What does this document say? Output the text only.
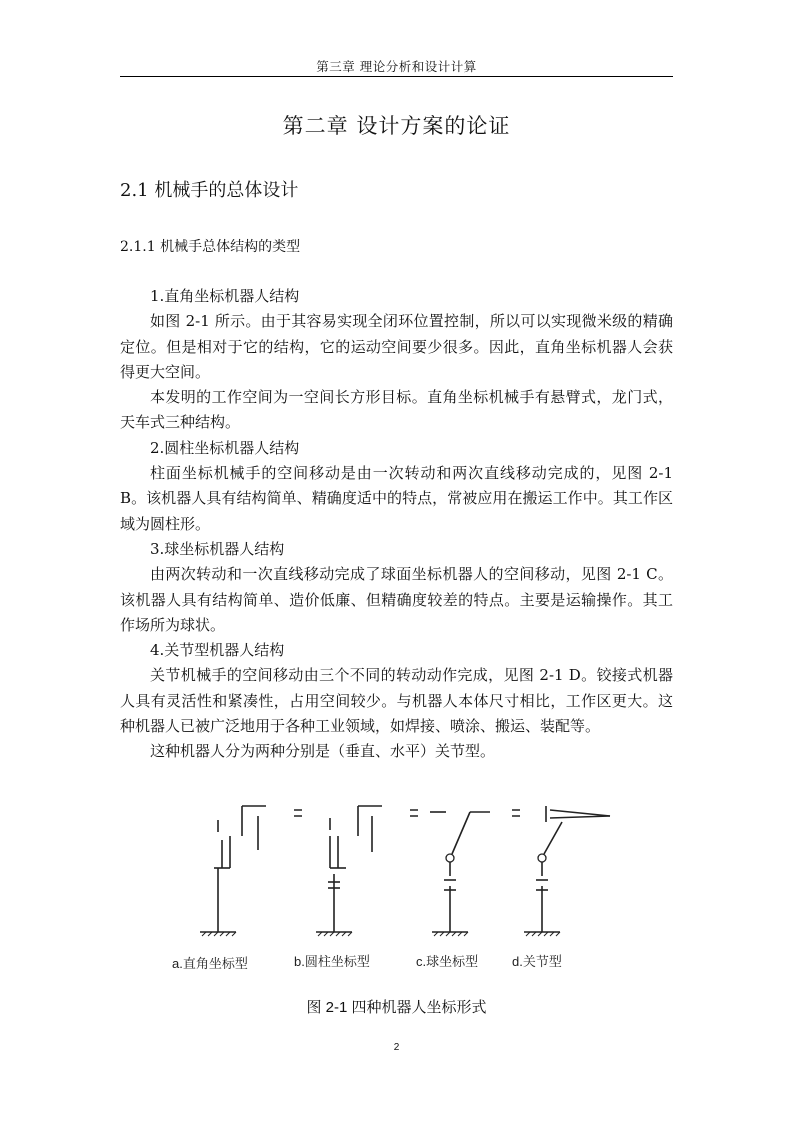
第三章 理论分析和设计计算
第二章 设计方案的论证
2.1 机械手的总体设计
2.1.1 机械手总体结构的类型

1.直角坐标机器人结构

如图 2-1 所示。由于其容易实现全闭环位置控制，所以可以实现微米级的精确定位。但是相对于它的结构，它的运动空间要少很多。因此，直角坐标机器人会获得更大空间。

本发明的工作空间为一空间长方形目标。直角坐标机械手有悬臂式，龙门式，天车式三种结构。

2.圆柱坐标机器人结构

柱面坐标机械手的空间移动是由一次转动和两次直线移动完成的，见图 2-1 B。该机器人具有结构简单、精确度适中的特点，常被应用在搬运工作中。其工作区域为圆柱形。

3.球坐标机器人结构

由两次转动和一次直线移动完成了球面坐标机器人的空间移动，见图 2-1 C。该机器人具有结构简单、造价低廉、但精确度较差的特点。主要是运输操作。其工作场所为球状。

4.关节型机器人结构

关节机械手的空间移动由三个不同的转动动作完成，见图 2-1 D。铰接式机器人具有灵活性和紧凑性，占用空间较少。与机器人本体尺寸相比，工作区更大。这种机器人已被广泛地用于各种工业领域，如焊接、喷涂、搬运、装配等。

这种机器人分为两种分别是（垂直、水平）关节型。

a.直角坐标型	b.圆柱坐标型	c.球坐标型	d.关节型
图 2-1 四种机器人坐标形式
2
